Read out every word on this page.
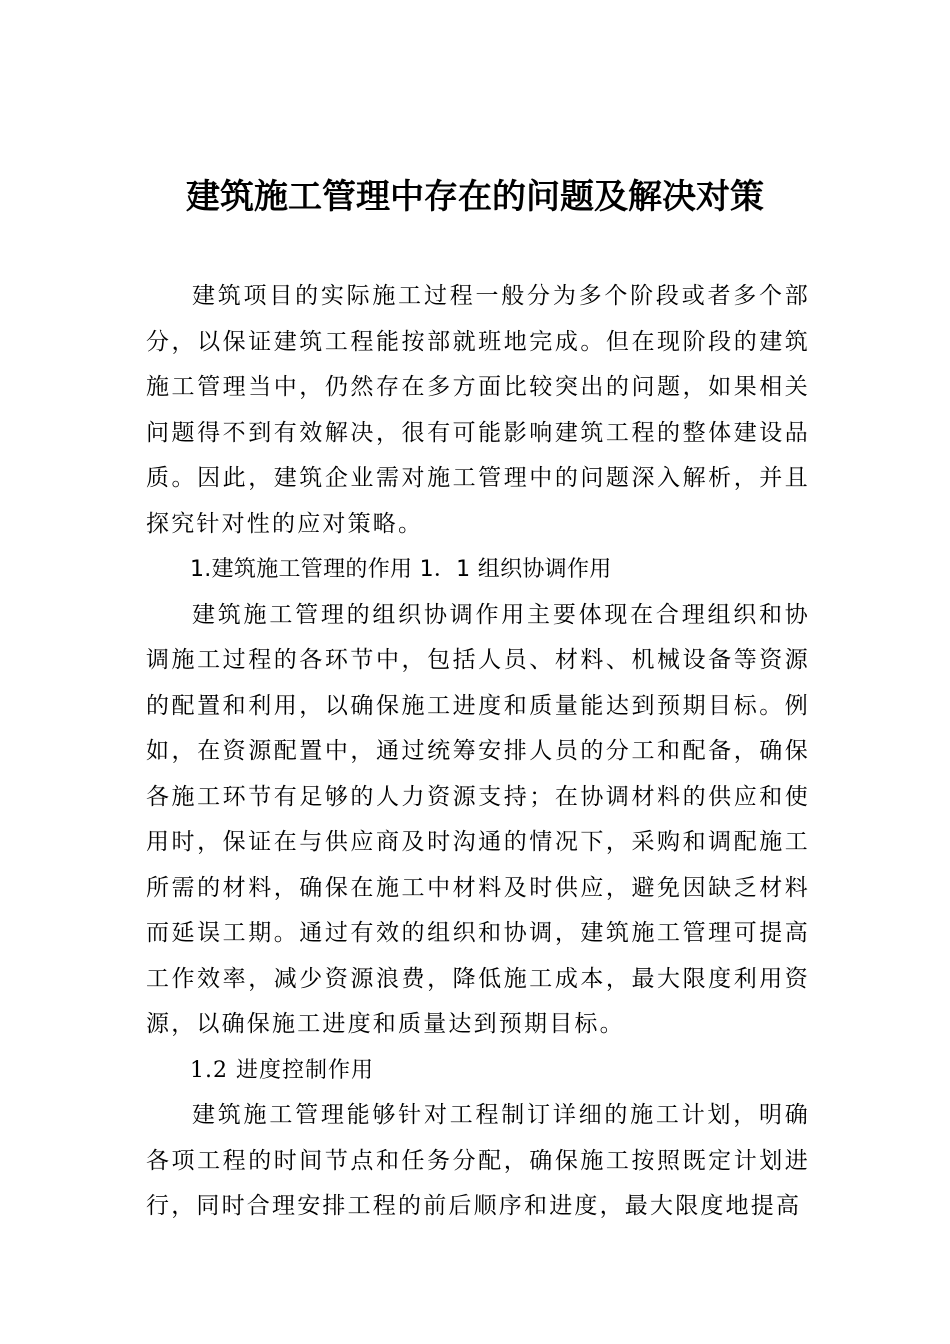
建筑施工管理中存在的问题及解决对策

建筑项目的实际施工过程一般分为多个阶段或者多个部分，以保证建筑工程能按部就班地完成。但在现阶段的建筑施工管理当中，仍然存在多方面比较突出的问题，如果相关问题得不到有效解决，很有可能影响建筑工程的整体建设品质。因此，建筑企业需对施工管理中的问题深入解析，并且探究针对性的应对策略。

1.建筑施工管理的作用 1．1 组织协调作用

建筑施工管理的组织协调作用主要体现在合理组织和协调施工过程的各环节中，包括人员、材料、机械设备等资源的配置和利用，以确保施工进度和质量能达到预期目标。例如，在资源配置中，通过统筹安排人员的分工和配备，确保各施工环节有足够的人力资源支持；在协调材料的供应和使用时，保证在与供应商及时沟通的情况下，采购和调配施工所需的材料，确保在施工中材料及时供应，避免因缺乏材料而延误工期。通过有效的组织和协调，建筑施工管理可提高工作效率，减少资源浪费，降低施工成本，最大限度利用资源，以确保施工进度和质量达到预期目标。

1.2 进度控制作用

建筑施工管理能够针对工程制订详细的施工计划，明确各项工程的时间节点和任务分配，确保施工按照既定计划进行，同时合理安排工程的前后顺序和进度，最大限度地提高
